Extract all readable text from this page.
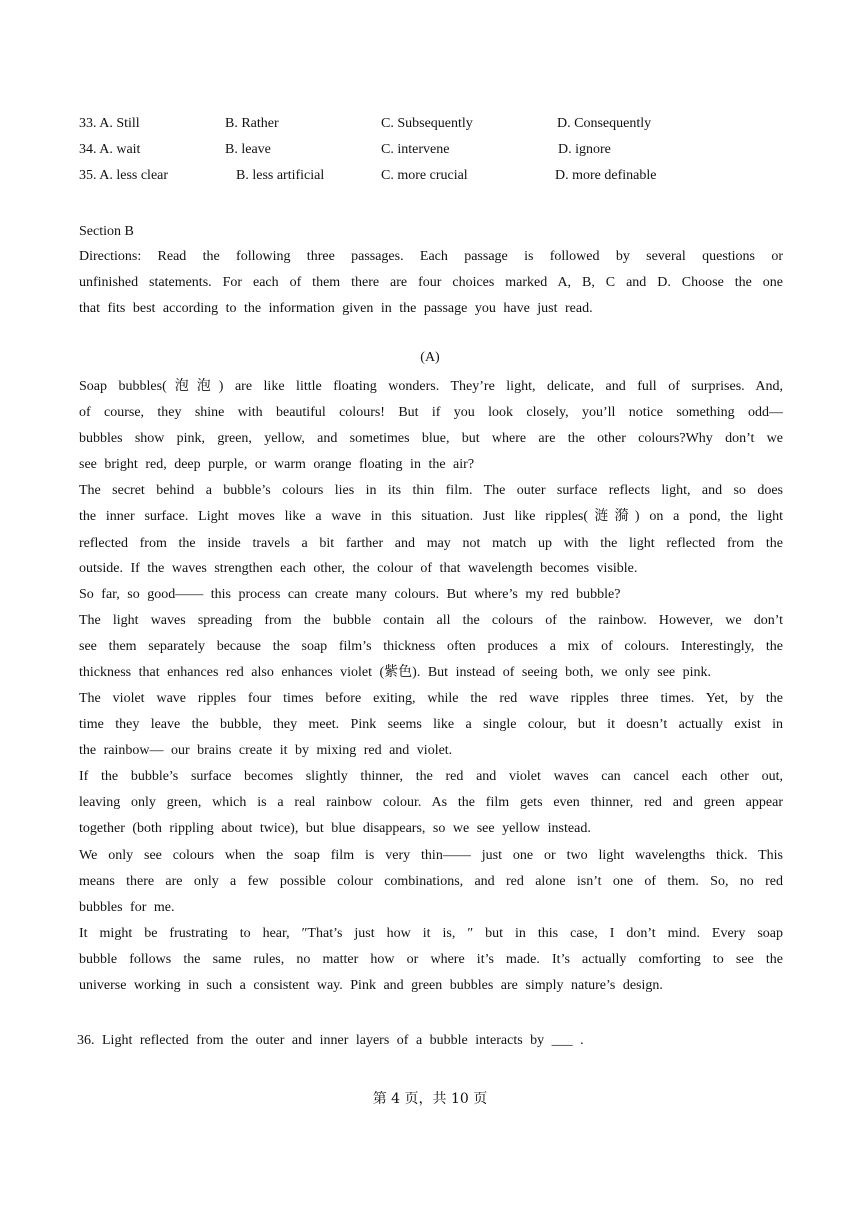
33. A. Still	B. Rather	C. Subsequently	D. Consequently
34. A. wait	B. leave	C. intervene	D. ignore
35. A. less clear	B. less artificial	C. more crucial	D. more definable
Section B
Directions: Read the following three passages. Each passage is followed by several questions or
unfinished statements. For each of them there are four choices marked A, B, C and D. Choose the one
that fits best according to the information given in the passage you have just read.
(A)
Soap bubbles(泡泡) are like little floating wonders. They’re light, delicate, and full of surprises. And,
of course, they shine with beautiful colours! But if you look closely, you’ll notice something odd—
bubbles show pink, green, yellow, and sometimes blue, but where are the other colours?Why don’t we
see bright red, deep purple, or warm orange floating in the air?
The secret behind a bubble’s colours lies in its thin film. The outer surface reflects light, and so does
the inner surface. Light moves like a wave in this situation. Just like ripples(涟漪) on a pond, the light
reflected from the inside travels a bit farther and may not match up with the light reflected from the
outside. If the waves strengthen each other, the colour of that wavelength becomes visible.
So far, so good—— this process can create many colours. But where’s my red bubble?
The light waves spreading from the bubble contain all the colours of the rainbow. However, we don’t
see them separately because the soap film’s thickness often produces a mix of colours. Interestingly, the
thickness that enhances red also enhances violet (紫色). But instead of seeing both, we only see pink.
The violet wave ripples four times before exiting, while the red wave ripples three times. Yet, by the
time they leave the bubble, they meet. Pink seems like a single colour, but it doesn’t actually exist in
the rainbow— our brains create it by mixing red and violet.
If the bubble’s surface becomes slightly thinner, the red and violet waves can cancel each other out,
leaving only green, which is a real rainbow colour. As the film gets even thinner, red and green appear
together (both rippling about twice), but blue disappears, so we see yellow instead.
We only see colours when the soap film is very thin—— just one or two light wavelengths thick. This
means there are only a few possible colour combinations, and red alone isn’t one of them. So, no red
bubbles for me.
It might be frustrating to hear, ″That’s just how it is, ″ but in this case, I don’t mind. Every soap
bubble follows the same rules, no matter how or where it’s made. It’s actually comforting to see the
universe working in such a consistent way. Pink and green bubbles are simply nature’s design.
36. Light reflected from the outer and inner layers of a bubble interacts by ___ .
第 4 页，共 10 页
